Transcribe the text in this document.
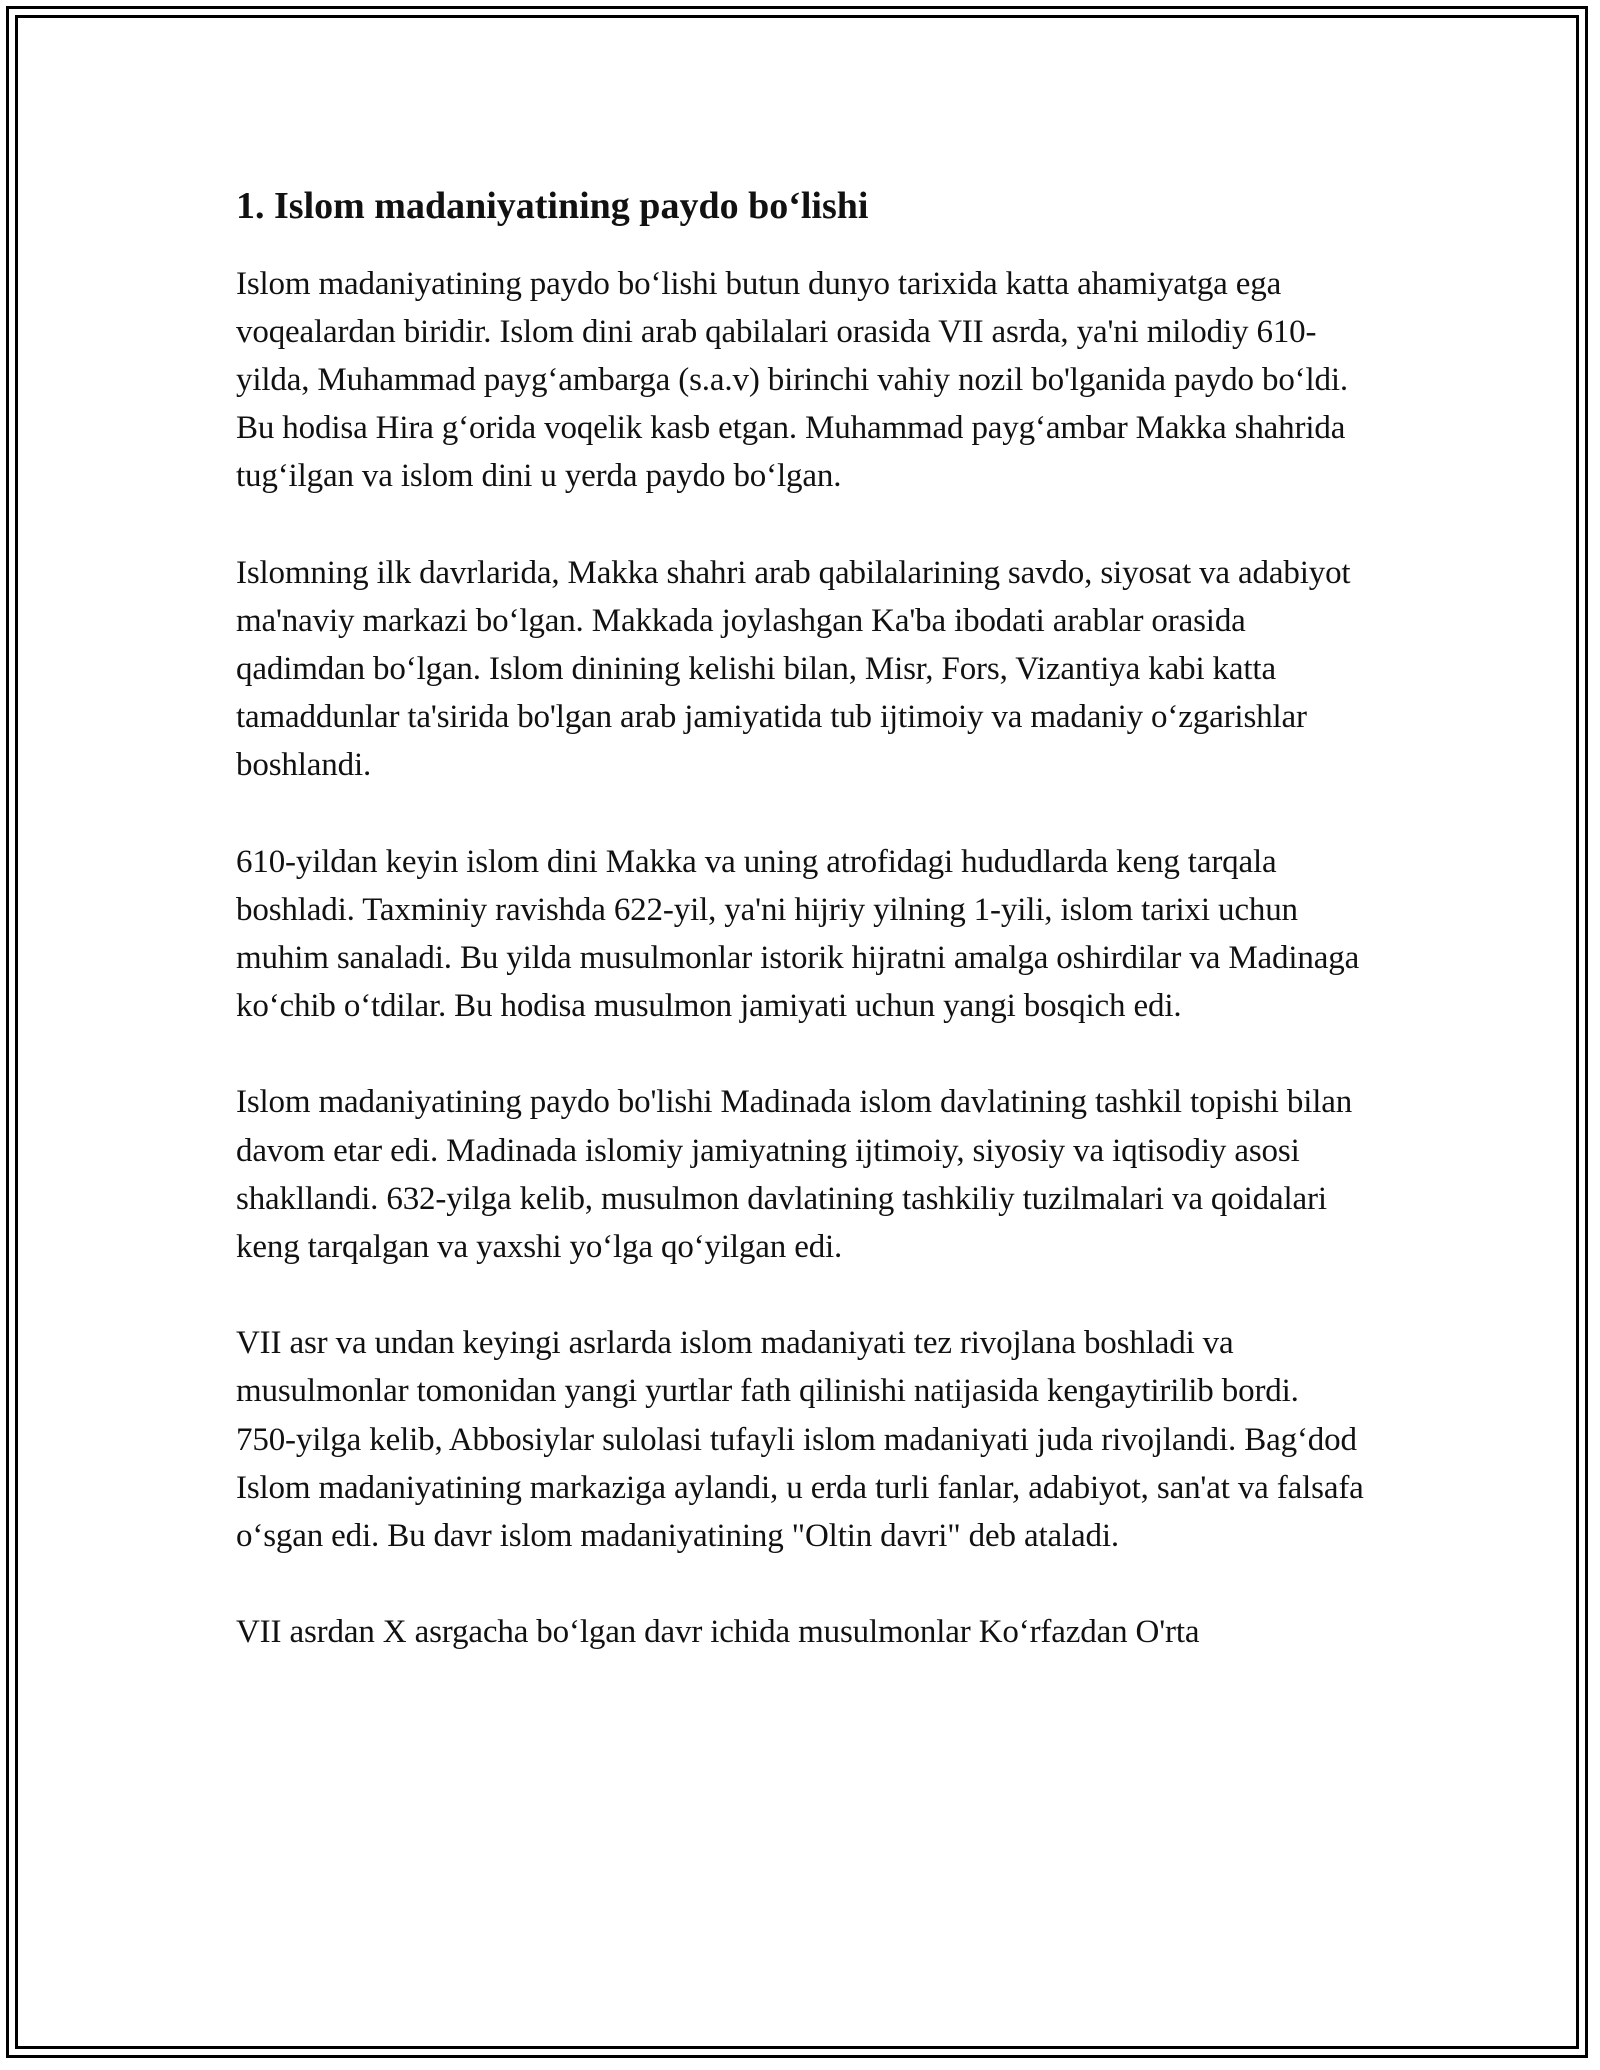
1. Islom madaniyatining paydo bo‘lishi

Islom madaniyatining paydo bo‘lishi butun dunyo tarixida katta ahamiyatga ega voqealardan biridir. Islom dini arab qabilalari orasida VII asrda, ya'ni milodiy 610-yilda, Muhammad payg‘ambarga (s.a.v) birinchi vahiy nozil bo'lganida paydo bo‘ldi. Bu hodisa Hira g‘orida voqelik kasb etgan. Muhammad payg‘ambar Makka shahrida tug‘ilgan va islom dini u yerda paydo bo‘lgan.

Islomning ilk davrlarida, Makka shahri arab qabilalarining savdo, siyosat va adabiyot ma'naviy markazi bo‘lgan. Makkada joylashgan Ka'ba ibodati arablar orasida qadimdan bo‘lgan. Islom dinining kelishi bilan, Misr, Fors, Vizantiya kabi katta tamaddunlar ta'sirida bo'lgan arab jamiyatida tub ijtimoiy va madaniy o‘zgarishlar boshlandi.

610-yildan keyin islom dini Makka va uning atrofidagi hududlarda keng tarqala boshladi. Taxminiy ravishda 622-yil, ya'ni hijriy yilning 1-yili, islom tarixi uchun muhim sanaladi. Bu yilda musulmonlar istorik hijratni amalga oshirdilar va Madinaga ko‘chib o‘tdilar. Bu hodisa musulmon jamiyati uchun yangi bosqich edi.

Islom madaniyatining paydo bo'lishi Madinada islom davlatining tashkil topishi bilan davom etar edi. Madinada islomiy jamiyatning ijtimoiy, siyosiy va iqtisodiy asosi shakllandi. 632-yilga kelib, musulmon davlatining tashkiliy tuzilmalari va qoidalari keng tarqalgan va yaxshi yo‘lga qo‘yilgan edi.

VII asr va undan keyingi asrlarda islom madaniyati tez rivojlana boshladi va musulmonlar tomonidan yangi yurtlar fath qilinishi natijasida kengaytirilib bordi. 750-yilga kelib, Abbosiylar sulolasi tufayli islom madaniyati juda rivojlandi. Bag‘dod Islom madaniyatining markaziga aylandi, u erda turli fanlar, adabiyot, san'at va falsafa o‘sgan edi. Bu davr islom madaniyatining "Oltin davri" deb ataladi.

VII asrdan X asrgacha bo‘lgan davr ichida musulmonlar Ko‘rfazdan O'rta
